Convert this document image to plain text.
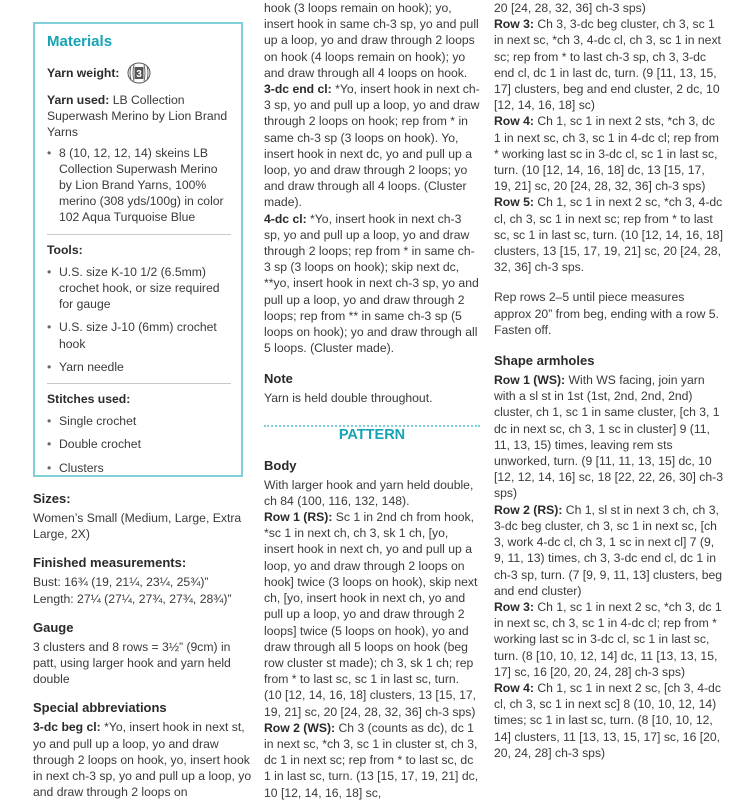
Materials
Yarn weight: 3

Yarn used: LB Collection Superwash Merino by Lion Brand Yarns

• 8 (10, 12, 12, 14) skeins LB Collection Superwash Merino by Lion Brand Yarns, 100% merino (308 yds/100g) in color 102 Aqua Turquoise Blue
Tools:
• U.S. size K-10 1/2 (6.5mm) crochet hook, or size required for gauge
• U.S. size J-10 (6mm) crochet hook
• Yarn needle
Stitches used:
• Single crochet
• Double crochet
• Clusters
Sizes:

Women’s Small (Medium, Large, Extra Large, 2X)

Finished measurements:

Bust: 16¾ (19, 21¼, 23¼, 25¾)”

Length: 27¼ (27¼, 27¾, 27¾, 28¾)”

Gauge

3 clusters and 8 rows = 3½” (9cm) in patt, using larger hook and yarn held double

Special abbreviations

3-dc beg cl: *Yo, insert hook in next st, yo and pull up a loop, yo and draw through 2 loops on hook, yo, insert hook in next ch-3 sp, yo and pull up a loop, yo and draw through 2 loops on

hook (3 loops remain on hook); yo, insert hook in same ch-3 sp, yo and pull up a loop, yo and draw through 2 loops on hook (4 loops remain on hook); yo and draw through all 4 loops on hook.

3-dc end cl: *Yo, insert hook in next ch-3 sp, yo and pull up a loop, yo and draw through 2 loops on hook; rep from * in same ch-3 sp (3 loops on hook). Yo, insert hook in next dc, yo and pull up a loop, yo and draw through 2 loops; yo and draw through all 4 loops. (Cluster made).

4-dc cl: *Yo, insert hook in next ch-3 sp, yo and pull up a loop, yo and draw through 2 loops; rep from * in same ch-3 sp (3 loops on hook); skip next dc, **yo, insert hook in next ch-3 sp, yo and pull up a loop, yo and draw through 2 loops; rep from ** in same ch-3 sp (5 loops on hook); yo and draw through all 5 loops. (Cluster made).

Note

Yarn is held double throughout.

PATTERN
Body

With larger hook and yarn held double, ch 84 (100, 116, 132, 148).

Row 1 (RS): Sc 1 in 2nd ch from hook, *sc 1 in next ch, ch 3, sk 1 ch, [yo, insert hook in next ch, yo and pull up a loop, yo and draw through 2 loops on hook] twice (3 loops on hook), skip next ch, [yo, insert hook in next ch, yo and pull up a loop, yo and draw through 2 loops] twice (5 loops on hook), yo and draw through all 5 loops on hook (beg row cluster st made); ch 3, sk 1 ch; rep from * to last sc, sc 1 in last sc, turn. (10 [12, 14, 16, 18] clusters, 13 [15, 17, 19, 21] sc, 20 [24, 28, 32, 36] ch-3 sps)

Row 2 (WS): Ch 3 (counts as dc), dc 1 in next sc, *ch 3, sc 1 in cluster st, ch 3, dc 1 in next sc; rep from * to last sc, dc 1 in last sc, turn. (13 [15, 17, 19, 21] dc, 10 [12, 14, 16, 18] sc,

20 [24, 28, 32, 36] ch-3 sps)

Row 3: Ch 3, 3-dc beg cluster, ch 3, sc 1 in next sc, *ch 3, 4-dc cl, ch 3, sc 1 in next sc; rep from * to last ch-3 sp, ch 3, 3-dc end cl, dc 1 in last dc, turn. (9 [11, 13, 15, 17] clusters, beg and end cluster, 2 dc, 10 [12, 14, 16, 18] sc)

Row 4: Ch 1, sc 1 in next 2 sts, *ch 3, dc 1 in next sc, ch 3, sc 1 in 4-dc cl; rep from * working last sc in 3-dc cl, sc 1 in last sc, turn. (10 [12, 14, 16, 18] dc, 13 [15, 17, 19, 21] sc, 20 [24, 28, 32, 36] ch-3 sps)

Row 5: Ch 1, sc 1 in next 2 sc, *ch 3, 4-dc cl, ch 3, sc 1 in next sc; rep from * to last sc, sc 1 in last sc, turn. (10 [12, 14, 16, 18] clusters, 13 [15, 17, 19, 21] sc, 20 [24, 28, 32, 36] ch-3 sps.

Rep rows 2–5 until piece measures approx 20” from beg, ending with a row 5. Fasten off.

Shape armholes

Row 1 (WS): With WS facing, join yarn with a sl st in 1st (1st, 2nd, 2nd, 2nd) cluster, ch 1, sc 1 in same cluster, [ch 3, 1 dc in next sc, ch 3, 1 sc in cluster] 9 (11, 11, 13, 15) times, leaving rem sts unworked, turn. (9 [11, 11, 13, 15] dc, 10 [12, 12, 14, 16] sc, 18 [22, 22, 26, 30] ch-3 sps)

Row 2 (RS): Ch 1, sl st in next 3 ch, ch 3, 3-dc beg cluster, ch 3, sc 1 in next sc, [ch 3, work 4-dc cl, ch 3, 1 sc in next cl] 7 (9, 9, 11, 13) times, ch 3, 3-dc end cl, dc 1 in ch-3 sp, turn. (7 [9, 9, 11, 13] clusters, beg and end cluster)

Row 3: Ch 1, sc 1 in next 2 sc, *ch 3, dc 1 in next sc, ch 3, sc 1 in 4-dc cl; rep from * working last sc in 3-dc cl, sc 1 in last sc, turn. (8 [10, 10, 12, 14] dc, 11 [13, 13, 15, 17] sc, 16 [20, 20, 24, 28] ch-3 sps)

Row 4: Ch 1, sc 1 in next 2 sc, [ch 3, 4-dc cl, ch 3, sc 1 in next sc] 8 (10, 10, 12, 14) times; sc 1 in last sc, turn. (8 [10, 10, 12, 14] clusters, 11 [13, 13, 15, 17] sc, 16 [20, 20, 24, 28] ch-3 sps)
